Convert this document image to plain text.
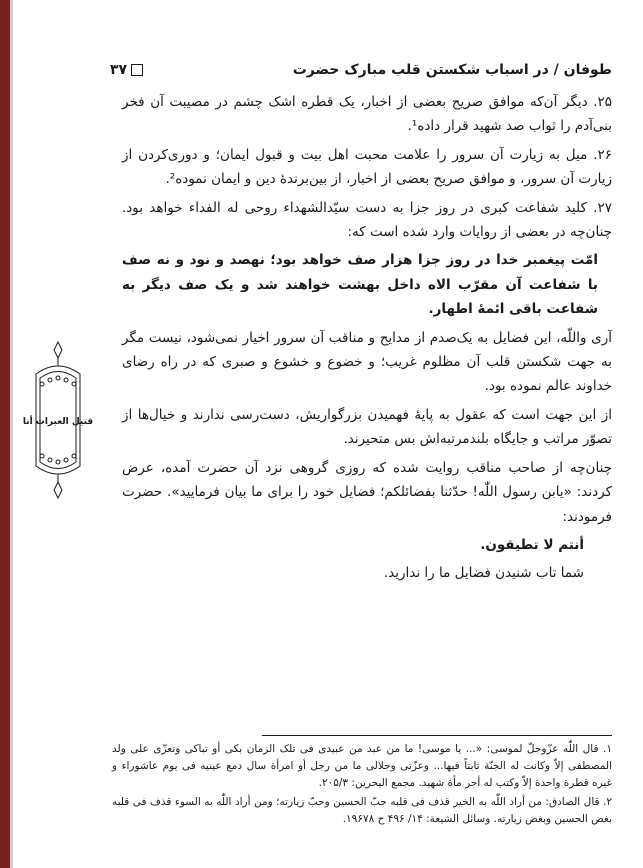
طوفان / در اسباب شکستن قلب مبارک حضرت
۳۷

۲۵. دیگر آن‌که موافق صریح بعضی از اخبار، یک قطره اشک چشم در مصیبت آن فخر بنی‌آدم را ثواب صد شهید قرار داده¹.

۲۶. میل به زیارت آن سرور را علامت محبت اهل بیت و قبول ایمان؛ و دوری‌کردن از زیارت آن سرور، و موافق صریح بعضی از اخبار، از بین‌برندهٔ دین و ایمان نموده².

۲۷. کلید شفاعت کبری در روز جزا به دست سیّدالشهداء روحی له الفداء خواهد بود. چنان‌چه در بعضی از روایات وارد شده است که:

امّت پیغمبر خدا در روز جزا هزار صف خواهد بود؛ نهصد و نود و نه صف با شفاعت آن مقرّب الاه داخل بهشت خواهند شد و یک صف دیگر به شفاعت باقی ائمهٔ اطهار.

آری واللّه، این فضایل به یک‌صدم از مدایح و مناقب آن سرور اخیار نمی‌شود، نیست مگر به جهت شکستن قلب آن مظلوم غریب؛ و خضوع و خشوع و صبری که در راه رضای خداوند عالم نموده بود.

از این جهت است که عقول به پایهٔ فهمیدن بزرگواریش، دست‌رسی ندارند و خیال‌ها از تصوّر مراتب و جایگاه بلندمرتبه‌اش بس متحیرند.

چنان‌چه از صاحب مناقب روایت شده که روزی گروهی نزد آن حضرت آمده، عرض کردند: «یابن رسول اللّٰه! حدّثنا بفضائلکم؛ فضایل خود را برای ما بیان فرمایید». حضرت فرمودند:

أنتم لا تطیقون.

شما تاب شنیدن فضایل ما را ندارید.

قتیل العبرات أنا

۱. قال اللّٰه عزّوجلّ لموسی: «... یا موسی! ما من عبد من عبیدی فی تلک الزمان بکی أو تباکی وتعزّی علی ولد المصطفی إلاّ وکانت له الجنّة ثابتاً فیها... وعزّتی وجلالی ما من رجل أو امرأة سال دمع عینیه فی یوم عاشوراء و غیره قطرة واحدة إلاّ وکتب له أجر مأة شهید. مجمع البحرین: ۲۰۵/۳.

۲. قال الصادق: من أراد اللّٰه به الخیر قذف فی قلبه حبّ الحسین وحبّ زیارته؛ ومن أراد اللّٰه به السوء قذف فی قلبه بغض الحسین وبغض زیارته. وسائل الشیعة: ۱۴/ ۴۹۶ ح ۱۹۶۷۸.
